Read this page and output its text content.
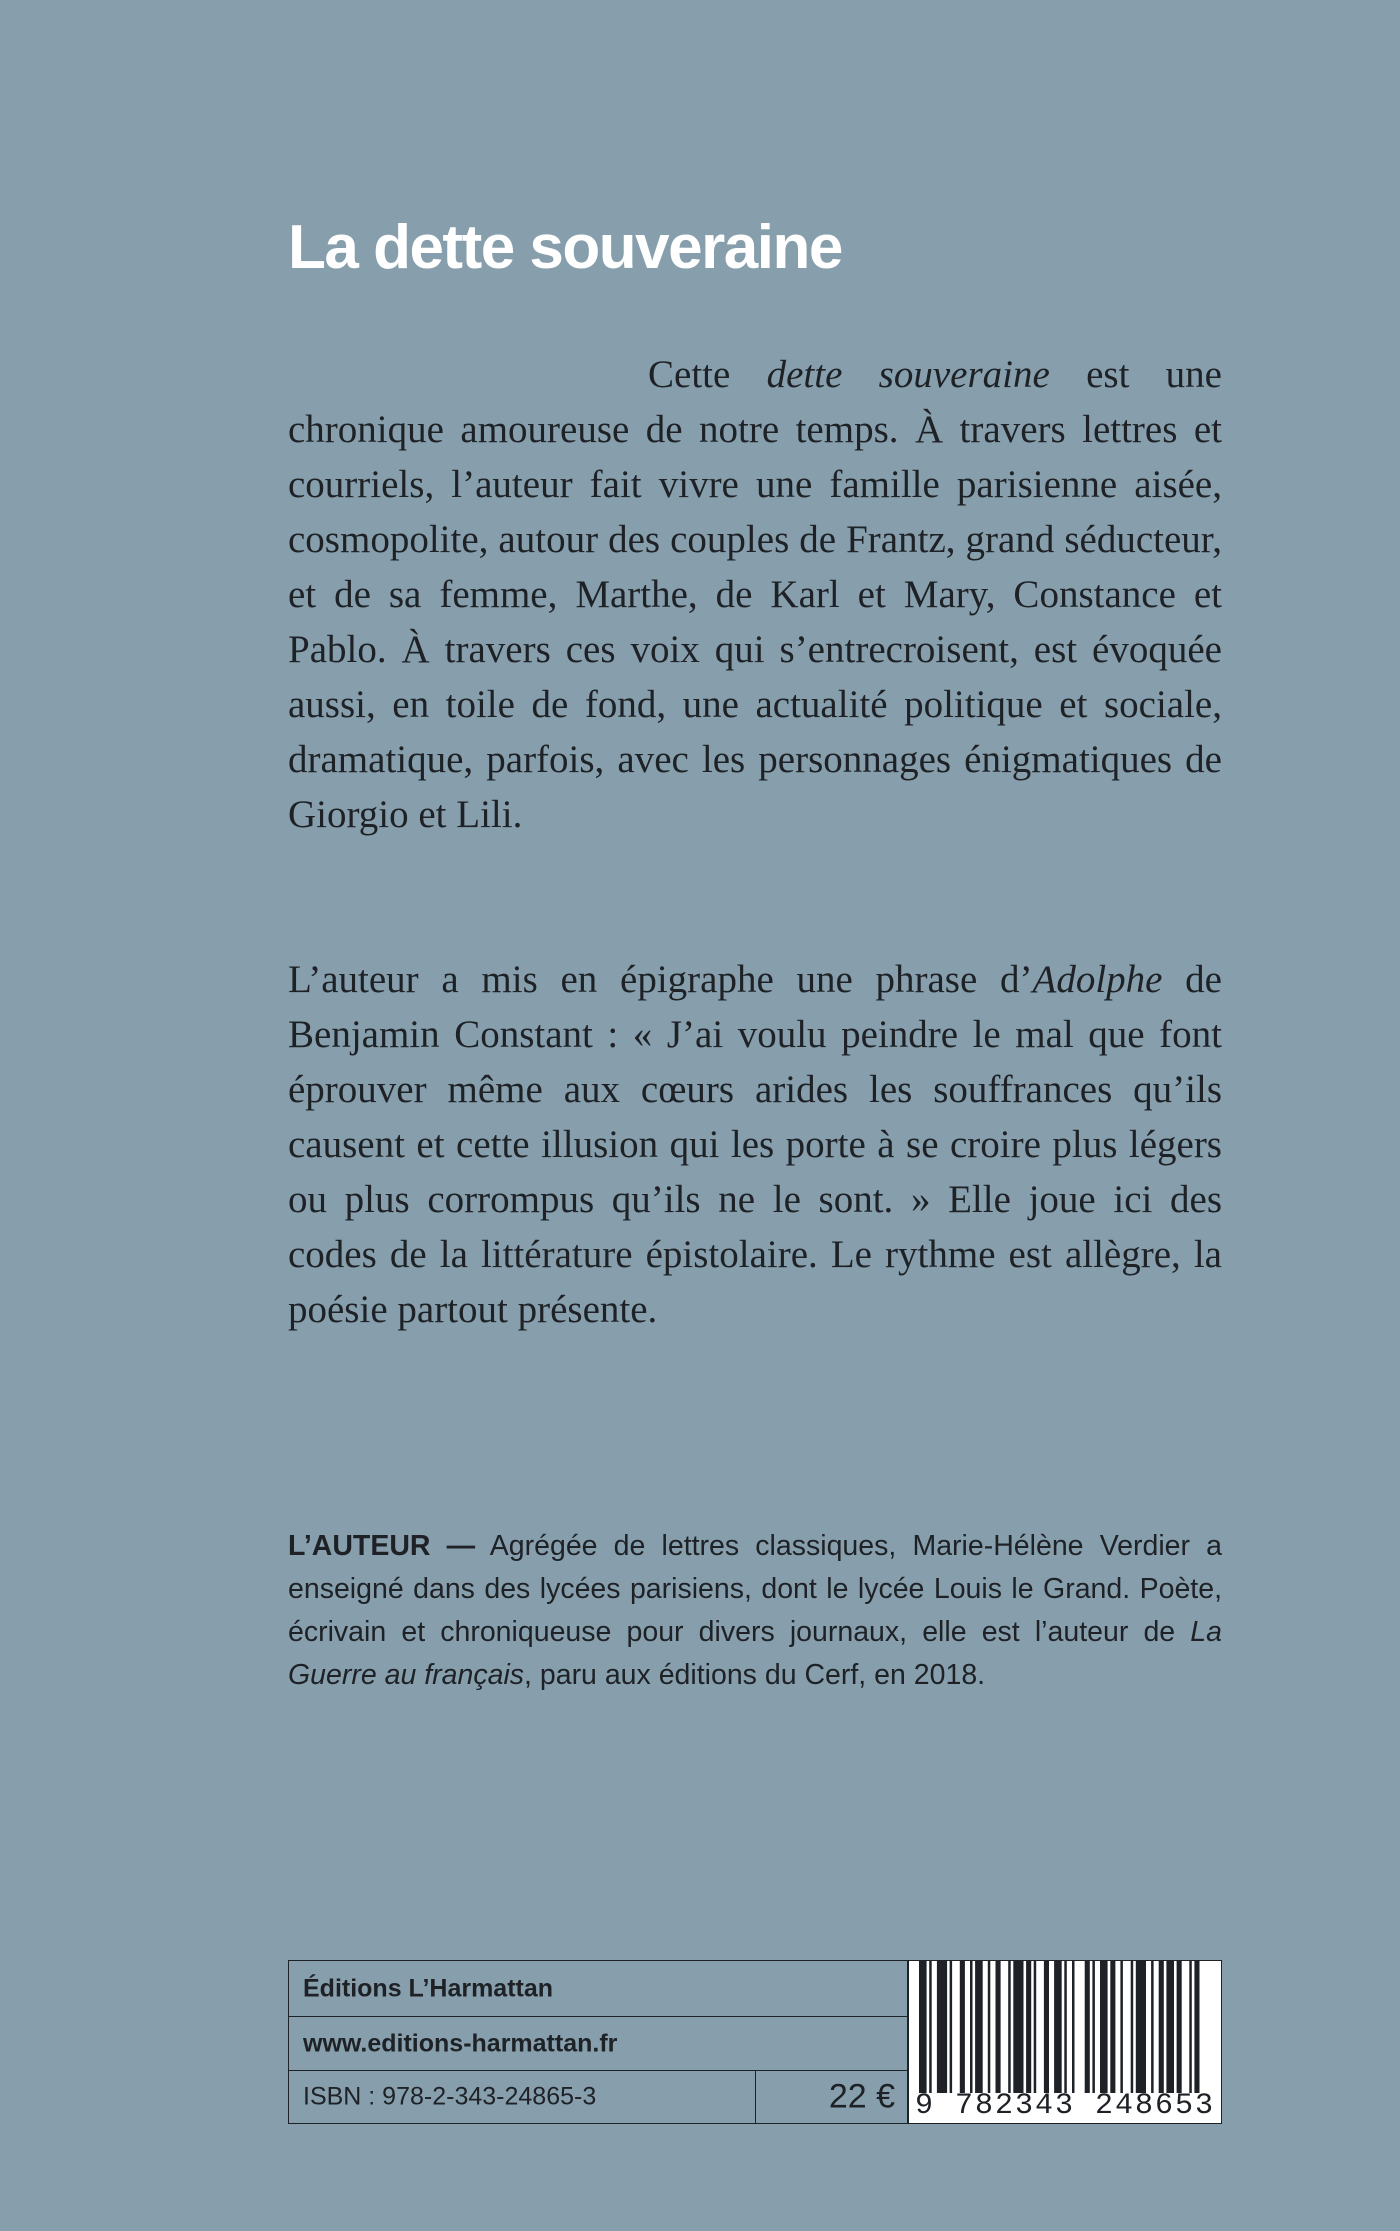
La dette souveraine

Cette dette souveraine est une chronique amoureuse de notre temps. À travers lettres et courriels, l’auteur fait vivre une famille parisienne aisée, cosmopolite, autour des couples de Frantz, grand séducteur, et de sa femme, Marthe, de Karl et Mary, Constance et Pablo. À travers ces voix qui s’entrecroisent, est évoquée aussi, en toile de fond, une actualité politique et sociale, dramatique, parfois, avec les personnages énigmatiques de Giorgio et Lili.

L’auteur a mis en épigraphe une phrase d’Adolphe de Benjamin Constant : « J’ai voulu peindre le mal que font éprouver même aux cœurs arides les souffrances qu’ils causent et cette illusion qui les porte à se croire plus légers ou plus corrompus qu’ils ne le sont. » Elle joue ici des codes de la littérature épistolaire. Le rythme est allègre, la poésie partout présente.

L’AUTEUR — Agrégée de lettres classiques, Marie-Hélène Verdier a enseigné dans des lycées parisiens, dont le lycée Louis le Grand. Poète, écrivain et chroniqueuse pour divers journaux, elle est l’auteur de La Guerre au français, paru aux éditions du Cerf, en 2018.

Éditions L’Harmattan
www.editions-harmattan.fr
ISBN : 978-2-343-24865-3	22 € 9 782343 248653
